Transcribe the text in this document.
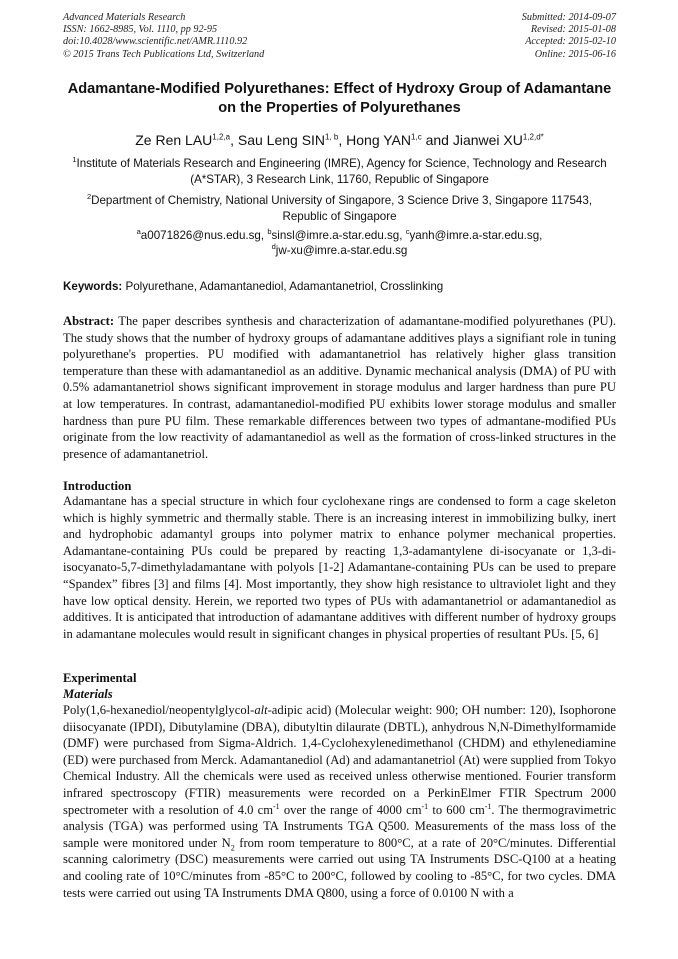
Advanced Materials Research
ISSN: 1662-8985, Vol. 1110, pp 92-95
doi:10.4028/www.scientific.net/AMR.1110.92
© 2015 Trans Tech Publications Ltd, Switzerland
Submitted: 2014-09-07
Revised: 2015-01-08
Accepted: 2015-02-10
Online: 2015-06-16
Adamantane-Modified Polyurethanes: Effect of Hydroxy Group of Adamantane on the Properties of Polyurethanes
Ze Ren LAU$^{1,2,a}$, Sau Leng SIN$^{1, b}$, Hong YAN$^{1,c}$ and Jianwei $XU^{1,2,d*}$
$^1$Institute of Materials Research and Engineering (IMRE), Agency for Science, Technology and Research (A*STAR), 3 Research Link, 11760, Republic of Singapore
$^2$Department of Chemistry, National University of Singapore, 3 Science Drive 3, Singapore 117543, Republic of Singapore
$^a$a0071826@nus.edu.sg, $^b$sinsl@imre.a-star.edu.sg, $^c$yanh@imre.a-star.edu.sg,
$^d$jw-xu@imre.a-star.edu.sg
Keywords: Polyurethane, Adamantanediol, Adamantanetriol, Crosslinking
Abstract: The paper describes synthesis and characterization of adamantane-modified polyurethanes (PU). The study shows that the number of hydroxy groups of adamantane additives plays a signifiant role in tuning polyurethane's properties. PU modified with adamantanetriol has relatively higher glass transition temperature than these with adamantanediol as an additive. Dynamic mechanical analysis (DMA) of PU with 0.5% adamantanetriol shows significant improvement in storage modulus and larger hardness than pure PU at low temperatures. In contrast, adamantanediol-modified PU exhibits lower storage modulus and smaller hardness than pure PU film. These remarkable differences between two types of admantane-modified PUs originate from the low reactivity of adamantanediol as well as the formation of cross-linked structures in the presence of adamantanetriol.
Introduction
Adamantane has a special structure in which four cyclohexane rings are condensed to form a cage skeleton which is highly symmetric and thermally stable. There is an increasing interest in immobilizing bulky, inert and hydrophobic adamantyl groups into polymer matrix to enhance polymer mechanical properties. Adamantane-containing PUs could be prepared by reacting 1,3-adamantylene di-isocyanate or 1,3-di-isocyanato-5,7-dimethyladamantane with polyols [1-2] Adamantane-containing PUs can be used to prepare “Spandex” fibres [3] and films [4]. Most importantly, they show high resistance to ultraviolet light and they have low optical density. Herein, we reported two types of PUs with adamantanetriol or adamantanediol as additives. It is anticipated that introduction of adamantane additives with different number of hydroxy groups in adamantane molecules would result in significant changes in physical properties of resultant PUs. [5, 6]
Experimental
Materials
Poly(1,6-hexanediol/neopentylglycol-alt-adipic acid) (Molecular weight: 900; OH number: 120), Isophorone diisocyanate (IPDI), Dibutylamine (DBA), dibutyltin dilaurate (DBTL), anhydrous N,N-Dimethylformamide (DMF) were purchased from Sigma-Aldrich. 1,4-Cyclohexylenedimethanol (CHDM) and ethylenediamine (ED) were purchased from Merck. Adamantanediol (Ad) and adamantanetriol (At) were supplied from Tokyo Chemical Industry. All the chemicals were used as received unless otherwise mentioned. Fourier transform infrared spectroscopy (FTIR) measurements were recorded on a PerkinElmer FTIR Spectrum 2000 spectrometer with a resolution of 4.0 $cm^{-1}$ over the range of 4000 $cm^{-1}$ to 600 $cm^{-1}$. The thermogravimetric analysis (TGA) was performed using TA Instruments TGA Q500. Measurements of the mass loss of the sample were monitored under $N_2$ from room temperature to 800°C, at a rate of 20°C/minutes. Differential scanning calorimetry (DSC) measurements were carried out using TA Instruments DSC-Q100 at a heating and cooling rate of 10°C/minutes from -85°C to 200°C, followed by cooling to -85°C, for two cycles. DMA tests were carried out using TA Instruments DMA Q800, using a force of 0.0100 N with a
